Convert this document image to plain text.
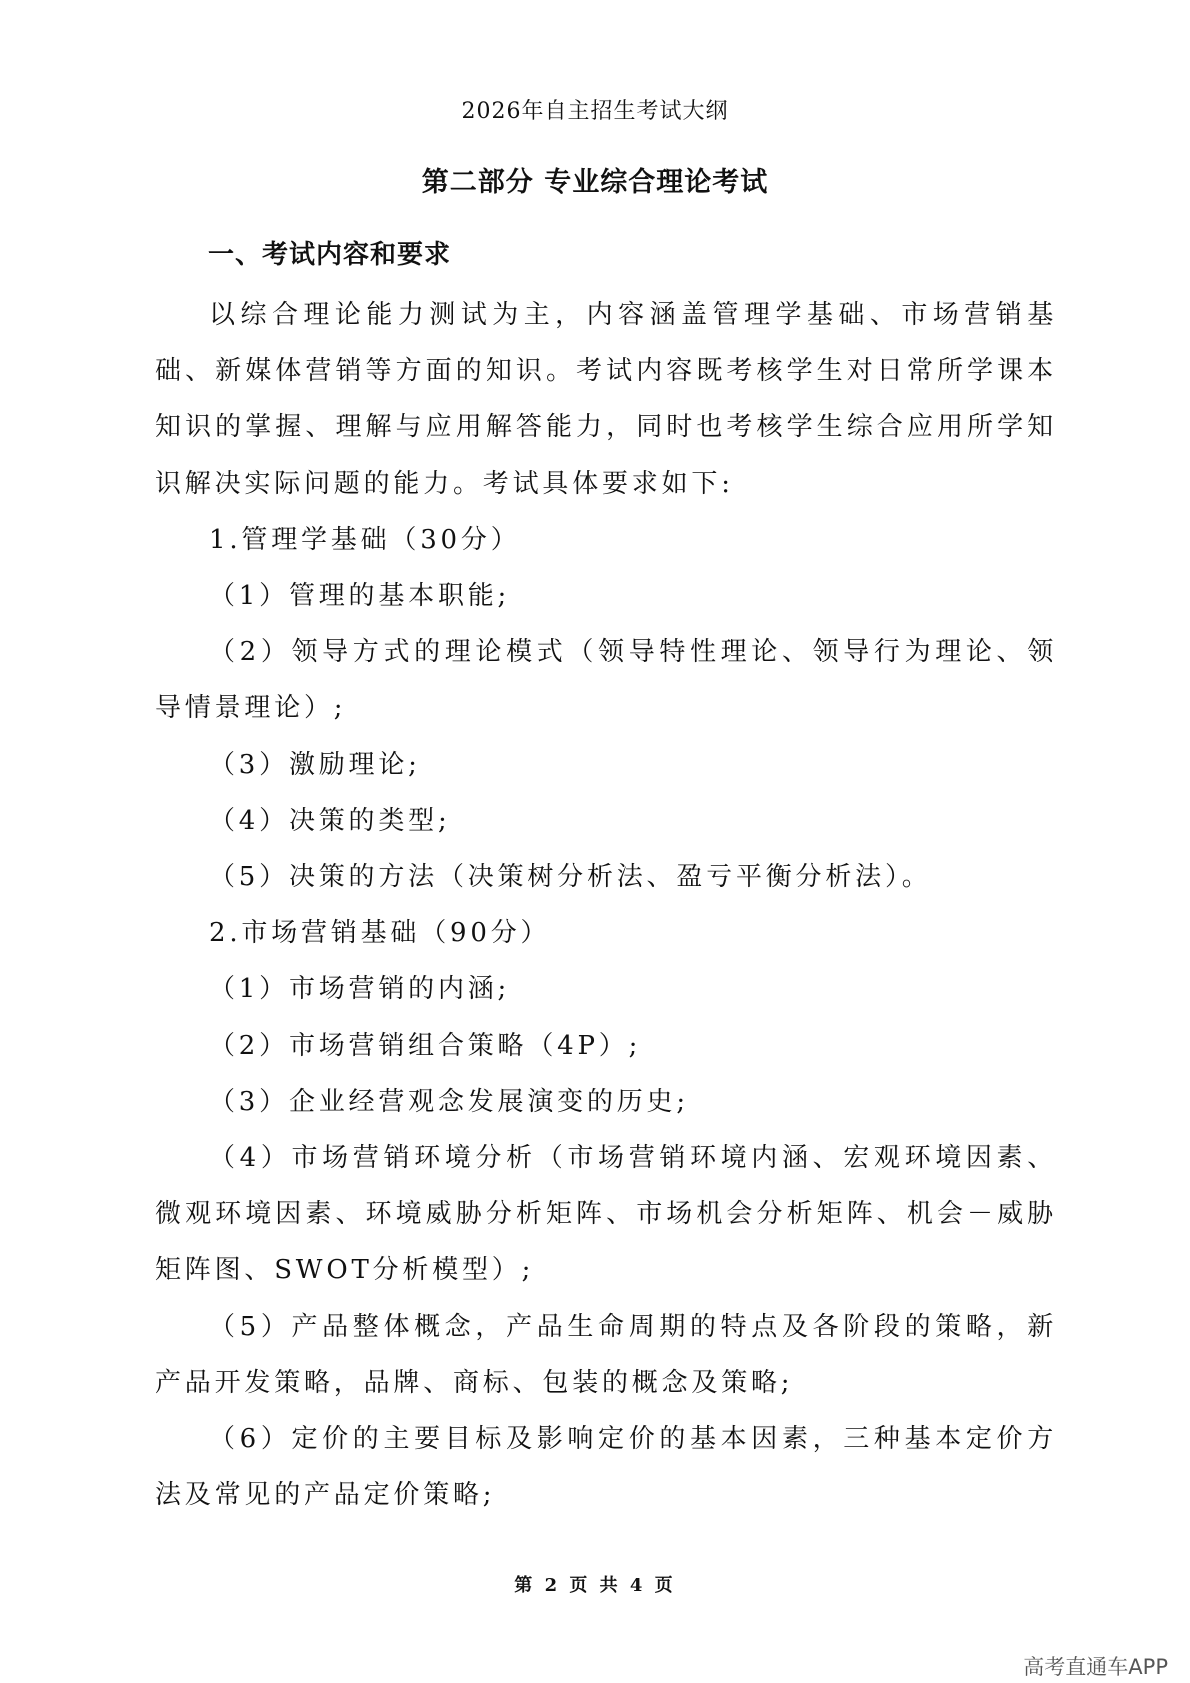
2026年自主招生考试大纲
第二部分 专业综合理论考试
一、考试内容和要求

以综合理论能力测试为主，内容涵盖管理学基础、市场营销基础、新媒体营销等方面的知识。考试内容既考核学生对日常所学课本知识的掌握、理解与应用解答能力，同时也考核学生综合应用所学知识解决实际问题的能力。考试具体要求如下:

1.管理学基础（30分）

（1）管理的基本职能;

（2）领导方式的理论模式（领导特性理论、领导行为理论、领导情景理论）;

（3）激励理论;

（4）决策的类型;

（5）决策的方法（决策树分析法、盈亏平衡分析法）。

2.市场营销基础（90分）

（1）市场营销的内涵;

（2）市场营销组合策略（4P）;

（3）企业经营观念发展演变的历史;

（4）市场营销环境分析（市场营销环境内涵、宏观环境因素、微观环境因素、环境威胁分析矩阵、市场机会分析矩阵、机会－威胁矩阵图、SWOT分析模型）;

（5）产品整体概念，产品生命周期的特点及各阶段的策略，新产品开发策略，品牌、商标、包装的概念及策略;

（6）定价的主要目标及影响定价的基本因素，三种基本定价方法及常见的产品定价策略;

第 2 页 共 4 页
高考直通车APP
